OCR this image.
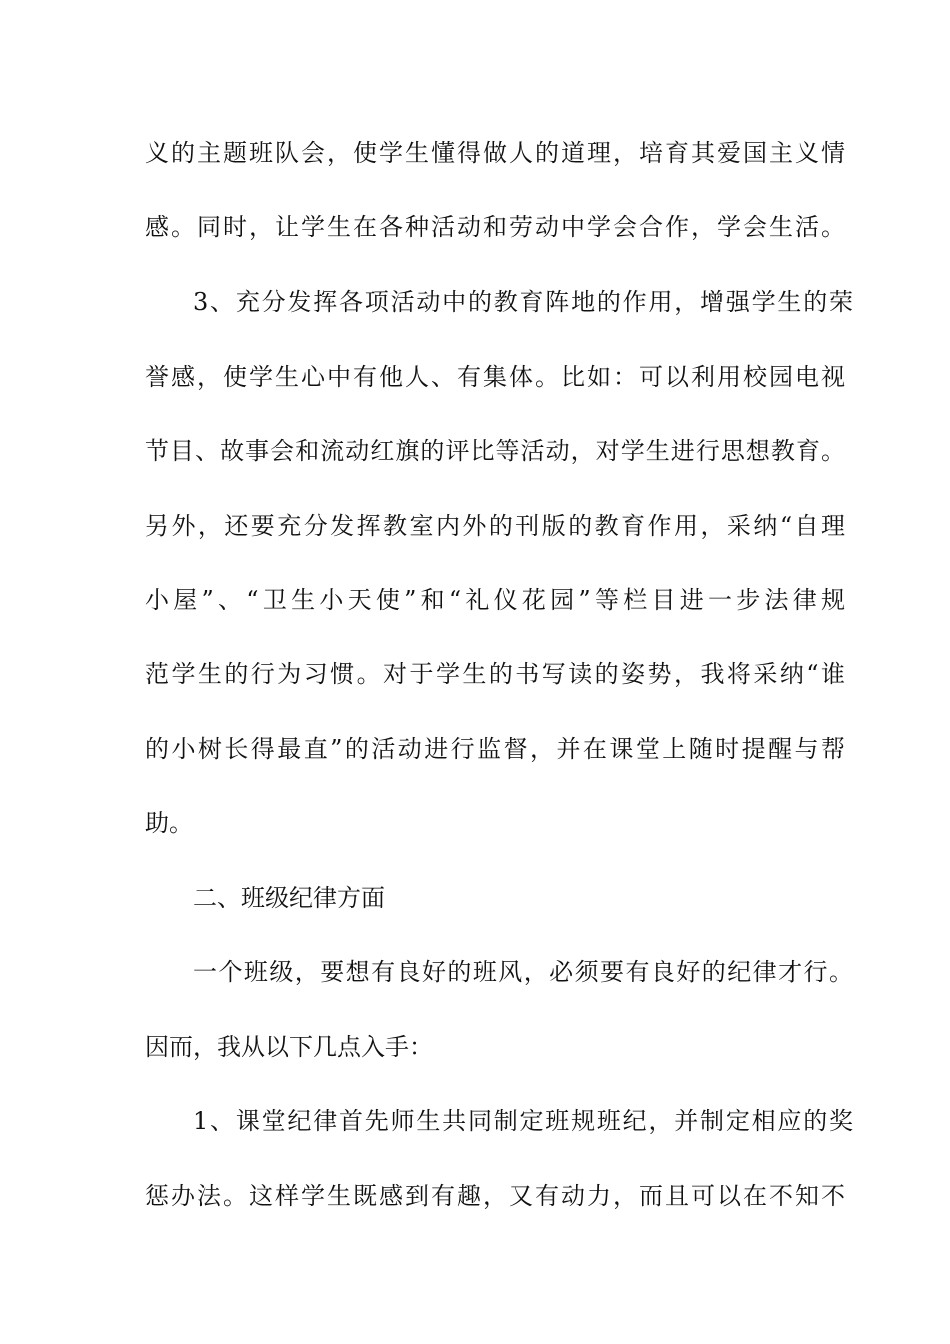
义的主题班队会，使学生懂得做人的道理，培育其爱国主义情
感。同时，让学生在各种活动和劳动中学会合作，学会生活。
3、充分发挥各项活动中的教育阵地的作用，增强学生的荣
誉感，使学生心中有他人、有集体。比如：可以利用校园电视
节目、故事会和流动红旗的评比等活动，对学生进行思想教育。
另外，还要充分发挥教室内外的刊版的教育作用，采纳“自理
小屋”、“卫生小天使”和“礼仪花园”等栏目进一步法律规
范学生的行为习惯。对于学生的书写读的姿势，我将采纳“谁
的小树长得最直”的活动进行监督，并在课堂上随时提醒与帮
助。
二、班级纪律方面
一个班级，要想有良好的班风，必须要有良好的纪律才行。
因而，我从以下几点入手：
1、课堂纪律首先师生共同制定班规班纪，并制定相应的奖
惩办法。这样学生既感到有趣，又有动力，而且可以在不知不
